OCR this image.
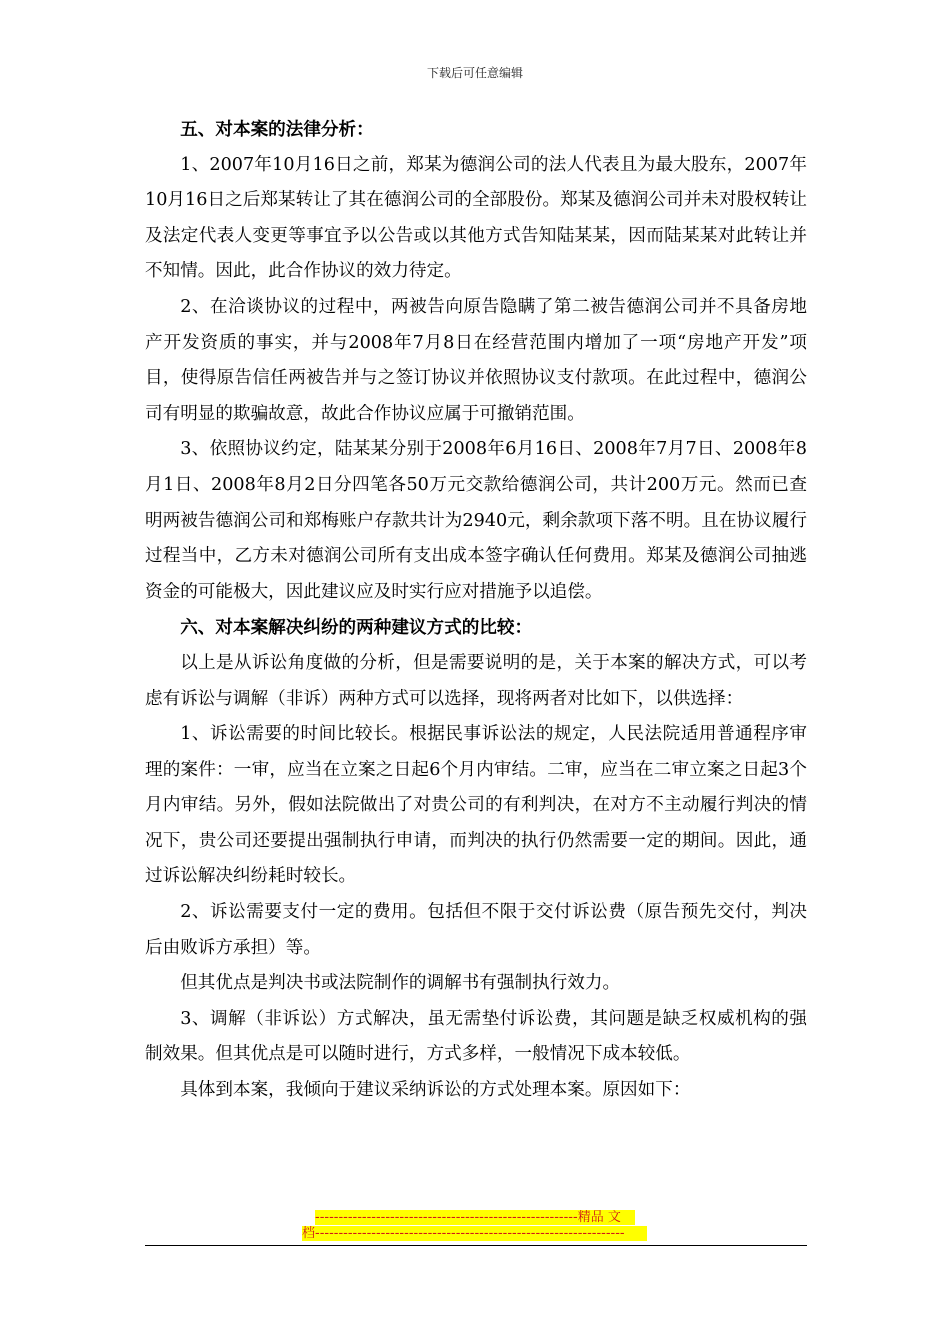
下载后可任意编辑

五、对本案的法律分析：

1、2007年10月16日之前，郑某为德润公司的法人代表且为最大股东，2007年10月16日之后郑某转让了其在德润公司的全部股份。郑某及德润公司并未对股权转让及法定代表人变更等事宜予以公告或以其他方式告知陆某某，因而陆某某对此转让并不知情。因此，此合作协议的效力待定。

2、在洽谈协议的过程中，两被告向原告隐瞒了第二被告德润公司并不具备房地产开发资质的事实，并与2008年7月8日在经营范围内增加了一项“房地产开发”项目，使得原告信任两被告并与之签订协议并依照协议支付款项。在此过程中，德润公司有明显的欺骗故意，故此合作协议应属于可撤销范围。

3、依照协议约定，陆某某分别于2008年6月16日、2008年7月7日、2008年8月1日、2008年8月2日分四笔各50万元交款给德润公司，共计200万元。然而已查明两被告德润公司和郑梅账户存款共计为2940元，剩余款项下落不明。且在协议履行过程当中，乙方未对德润公司所有支出成本签字确认任何费用。郑某及德润公司抽逃资金的可能极大，因此建议应及时实行应对措施予以追偿。

六、对本案解决纠纷的两种建议方式的比较：

以上是从诉讼角度做的分析，但是需要说明的是，关于本案的解决方式，可以考虑有诉讼与调解（非诉）两种方式可以选择，现将两者对比如下，以供选择：

1、诉讼需要的时间比较长。根据民事诉讼法的规定，人民法院适用普通程序审理的案件：一审，应当在立案之日起6个月内审结。二审，应当在二审立案之日起3个月内审结。另外，假如法院做出了对贵公司的有利判决，在对方不主动履行判决的情况下，贵公司还要提出强制执行申请，而判决的执行仍然需要一定的期间。因此，通过诉讼解决纠纷耗时较长。

2、诉讼需要支付一定的费用。包括但不限于交付诉讼费（原告预先交付，判决后由败诉方承担）等。

但其优点是判决书或法院制作的调解书有强制执行效力。

3、调解（非诉讼）方式解决，虽无需垫付诉讼费，其问题是缺乏权威机构的强制效果。但其优点是可以随时进行，方式多样，一般情况下成本较低。

具体到本案，我倾向于建议采纳诉讼的方式处理本案。原因如下：

--------------------------------------------------------精品 文
档------------------------------------------------------------------
